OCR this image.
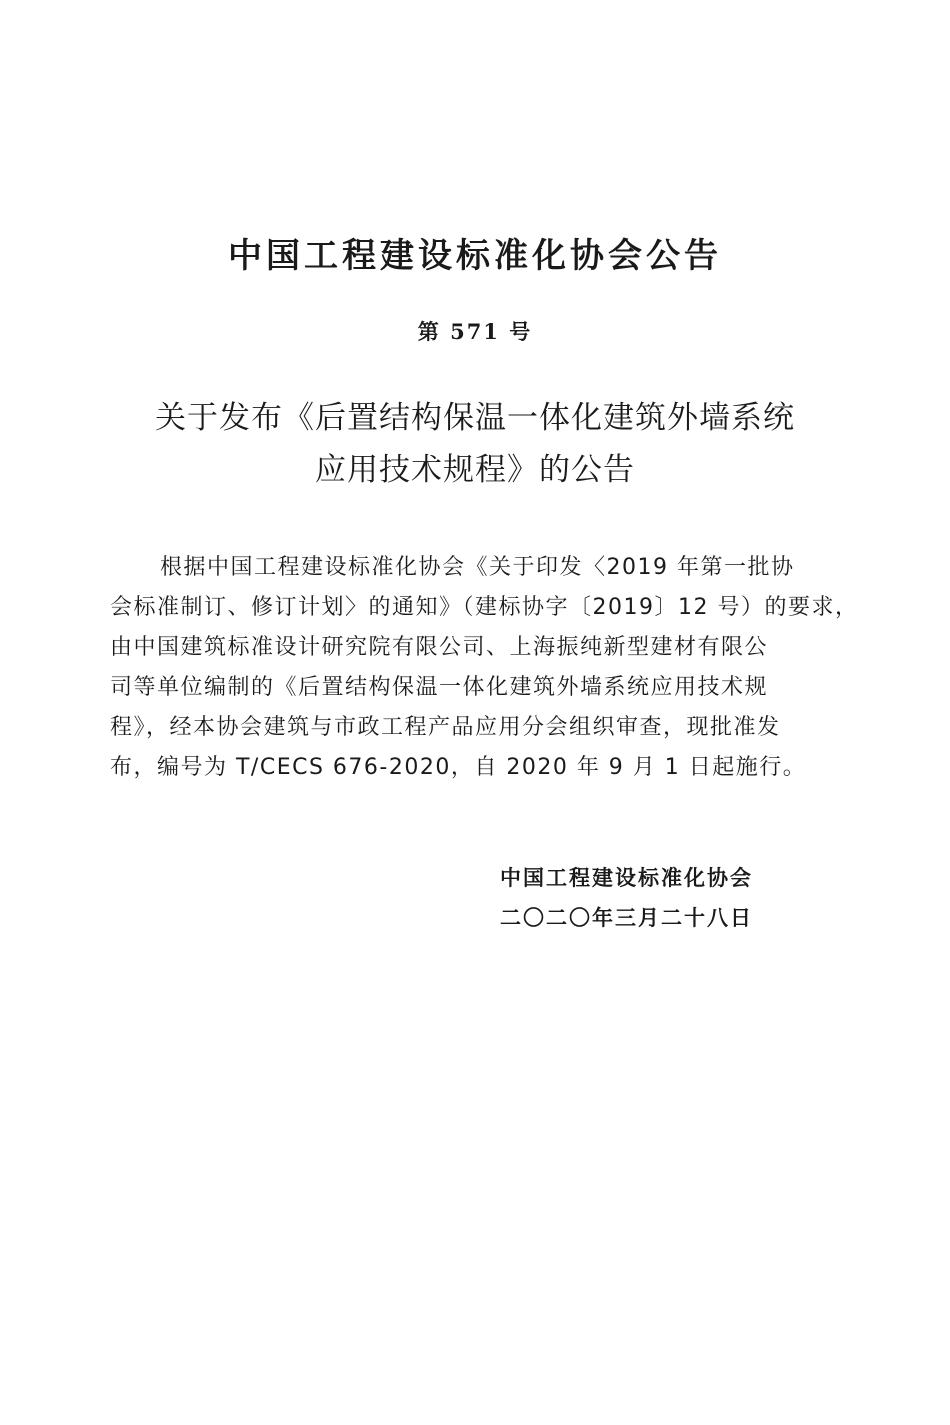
中国工程建设标准化协会公告
第 571 号
关于发布《后置结构保温一体化建筑外墙系统
应用技术规程》的公告
根据中国工程建设标准化协会《关于印发〈2019 年第一批协
会标准制订、修订计划〉的通知》（建标协字〔2019〕12 号）的要求，
由中国建筑标准设计研究院有限公司、上海振纯新型建材有限公
司等单位编制的《后置结构保温一体化建筑外墙系统应用技术规
程》，经本协会建筑与市政工程产品应用分会组织审查，现批准发
布，编号为 T/CECS 676-2020，自 2020 年 9 月 1 日起施行。
中国工程建设标准化协会
二〇二〇年三月二十八日
